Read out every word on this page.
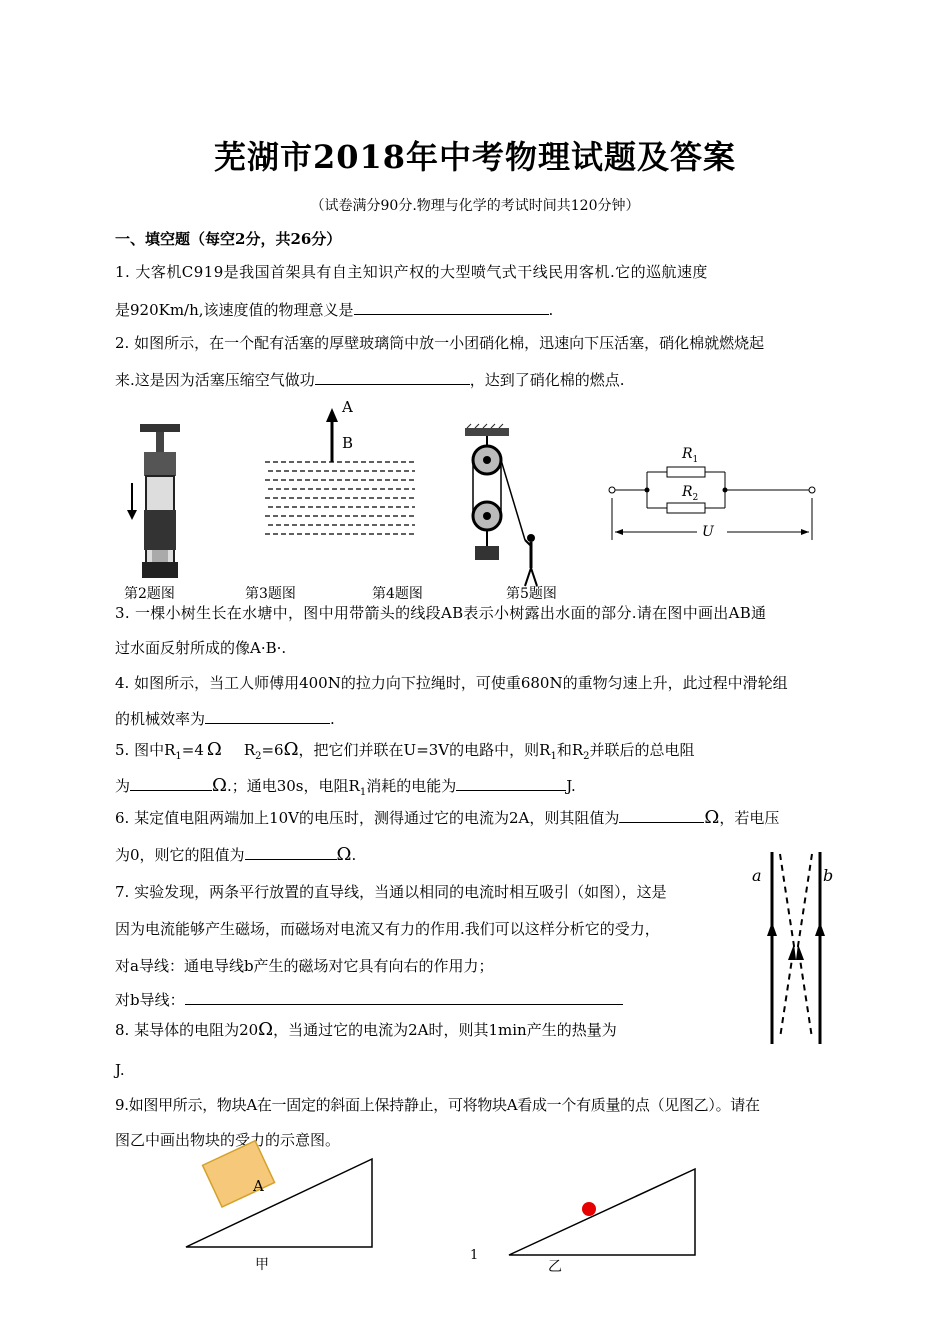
芜湖市2018年中考物理试题及答案
（试卷满分90分.物理与化学的考试时间共120分钟）
一、填空题（每空2分，共26分）
1. 大客机C919是我国首架具有自主知识产权的大型喷气式干线民用客机.它的巡航速度
是920Km/h,该速度值的物理意义是	.
2. 如图所示，在一个配有活塞的厚壁玻璃筒中放一小团硝化棉，迅速向下压活塞，硝化棉就燃烧起
来.这是因为活塞压缩空气做功	，达到了硝化棉的燃点.
A
B
$R_1$
$R_2$
U
第2题图	第3题图	第4题图	第5题图
3. 一棵小树生长在水塘中，图中用带箭头的线段AB表示小树露出水面的部分.请在图中画出AB通
过水面反射所成的像A·B·.
4. 如图所示，当工人师傅用400N的拉力向下拉绳时，可使重680N的重物匀速上升，此过程中滑轮组
的机械效率为	.
5. 图中$R_1=4$ Ω $R_2=6\Omega$，把它们并联在U=3V的电路中，则$R_1$和$R_2$并联后的总电阻
为	Ω.；通电30s，电阻$R_1$消耗的电能为	J.
6. 某定值电阻两端加上10V的电压时，测得通过它的电流为2A，则其阻值为	Ω，若电压
为0，则它的阻值为	Ω.
7. 实验发现，两条平行放置的直导线，当通以相同的电流时相互吸引（如图），这是
因为电流能够产生磁场，而磁场对电流又有力的作用.我们可以这样分析它的受力，
对a导线：通电导线b产生的磁场对它具有向右的作用力；
对b导线：
a	b
8. 某导体的电阻为20Ω，当通过它的电流为2A时，则其1min产生的热量为
J.
9.如图甲所示，物块A在一固定的斜面上保持静止，可将物块A看成一个有质量的点（见图乙）。请在
图乙中画出物块的受力的示意图。
A
甲	乙
1
